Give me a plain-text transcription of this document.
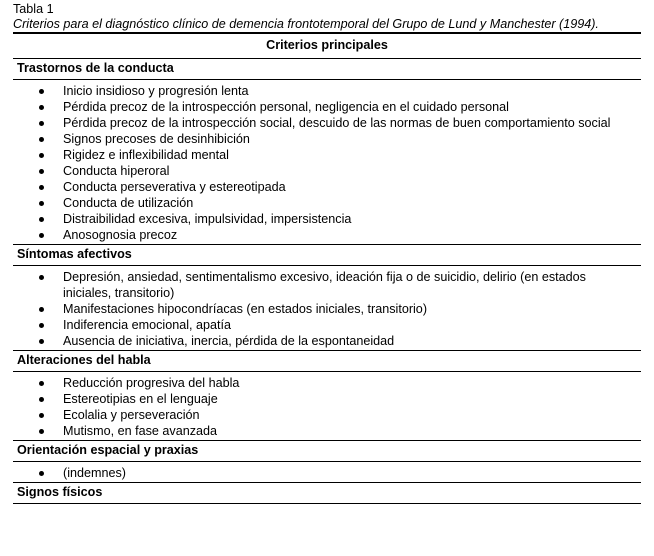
Tabla 1
Criterios para el diagnóstico clínico de demencia frontotemporal del Grupo de Lund y Manchester (1994).
Criterios principales
Trastornos de la conducta
Inicio insidioso y progresión lenta
Pérdida precoz de la introspección personal, negligencia en el cuidado personal
Pérdida precoz de la introspección social, descuido de las normas de buen comportamiento social
Signos precoses de desinhibición
Rigidez e inflexibilidad mental
Conducta hiperoral
Conducta perseverativa y estereotipada
Conducta de utilización
Distraibilidad excesiva, impulsividad, impersistencia
Anosognosia precoz
Síntomas afectivos
Depresión, ansiedad, sentimentalismo excesivo, ideación fija o de suicidio, delirio (en estados iniciales, transitorio)
Manifestaciones hipocondríacas (en estados iniciales, transitorio)
Indiferencia emocional, apatía
Ausencia de iniciativa, inercia, pérdida de la espontaneidad
Alteraciones del habla
Reducción progresiva del habla
Estereotipias en el lenguaje
Ecolalia y perseveración
Mutismo, en fase avanzada
Orientación espacial y praxias
(indemnes)
Signos físicos
